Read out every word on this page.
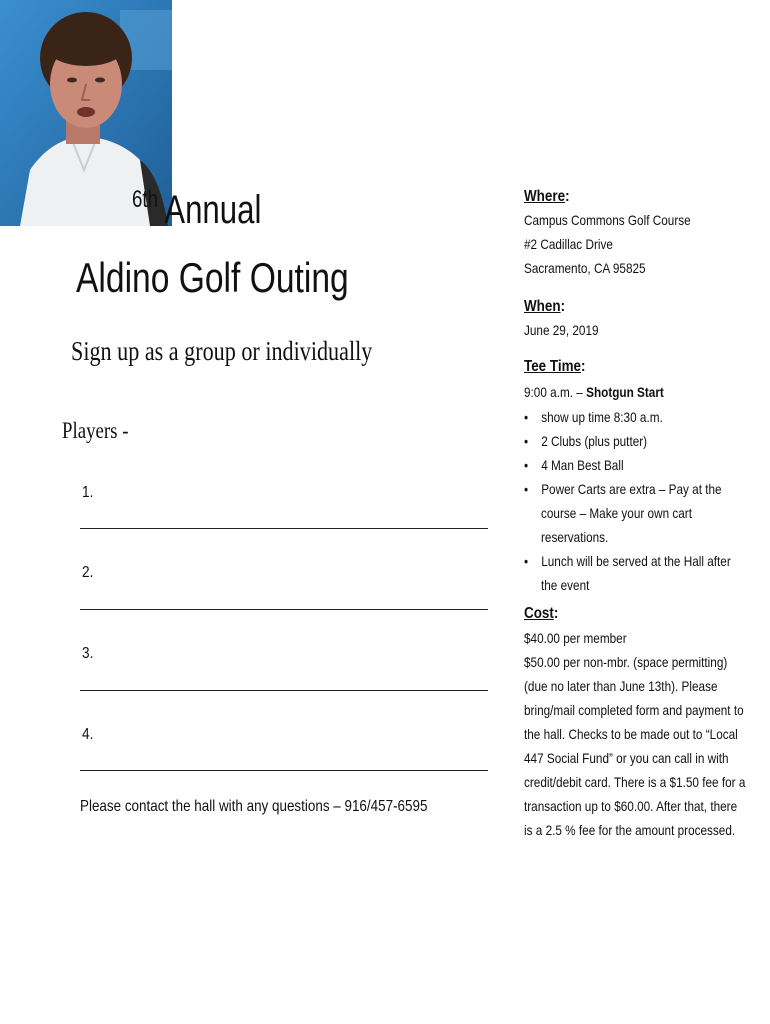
$^{6th}$ Annual
Aldino Golf Outing
Sign up as a group or individually
Players -
1.
2.
3.
4.
Please contact the hall with any questions – 916/457-6595
Where:
Campus Commons Golf Course
#2 Cadillac Drive
Sacramento, CA 95825
When:
June 29, 2019
Tee Time:
9:00 a.m. – Shotgun Start
•    show up time 8:30 a.m.
•    2 Clubs (plus putter)
•    4 Man Best Ball
•    Power Carts are extra – Pay at the
course – Make your own cart
reservations.
•    Lunch will be served at the Hall after
the event
Cost:
$40.00 per member
$50.00 per non-mbr. (space permitting)
(due no later than June 13th). Please
bring/mail completed form and payment to
the hall. Checks to be made out to “Local
447 Social Fund” or you can call in with
credit/debit card. There is a $1.50 fee for a
transaction up to $60.00. After that, there
is a 2.5 % fee for the amount processed.
